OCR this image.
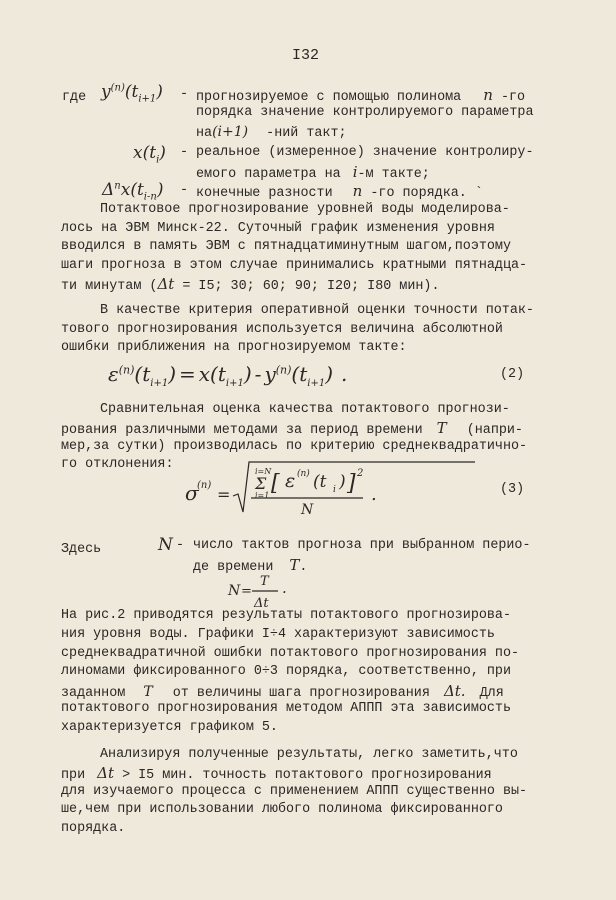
I32
где $y^{(n)}(t_{i+1})$ - прогнозируемое с помощью полинома n -го
порядка значение контролируемого параметра
на(i+1) -ний такт;
$x(t_i)$ - реальное (измеренное) значение контролиру-
емого параметра на i-м такте;
$\Delta^nx(t_{i-n})$ - конечные разности n -го порядка. `
Потактовое прогнозирование уровней воды моделирова-
лось на ЭВМ Минск-22. Суточный график изменения уровня
вводился в память ЭВМ с пятнадцатиминутным шагом,поэтому
шаги прогноза в этом случае принимались кратными пятнадца-
ти минутам (Δt = I5; 30; 60; 90; I20; I80 мин).
В качестве критерия оперативной оценки точности потак-
тового прогнозирования используется величина абсолютной
ошибки приближения на прогнозируемом такте:
$\varepsilon^{(n)}(t_{i+1}) = x(t_{i+1}) - y^{(n)}(t_{i+1})$ .	(2)
Сравнительная оценка качества потактового прогнози-
рования различными методами за период времени T (напри-
мер,за сутки) производилась по критерию среднеквадратично-
го отклонения:
σ
(n) =
i=N
Σ
i=1 [ ε (n) (t i ) ] 2
N
.	(3)
Здесь	N - число тактов прогноза при выбранном перио-
де времени T.
N =
T
Δt
.
На рис.2 приводятся результаты потактового прогнозирова-
ния уровня воды. Графики I÷4 характеризуют зависимость
среднеквадратичной ошибки потактового прогнозирования по-
линомами фиксированного 0÷3 порядка, соответственно, при
заданном T от величины шага прогнозирования Δt. Для
потактового прогнозирования методом АППП эта зависимость
характеризуется графиком 5.
Анализируя полученные результаты, легко заметить,что
при Δt > I5 мин. точность потактового прогнозирования
для изучаемого процесса с применением АППП существенно вы-
ше,чем при использовании любого полинома фиксированного
порядка.
